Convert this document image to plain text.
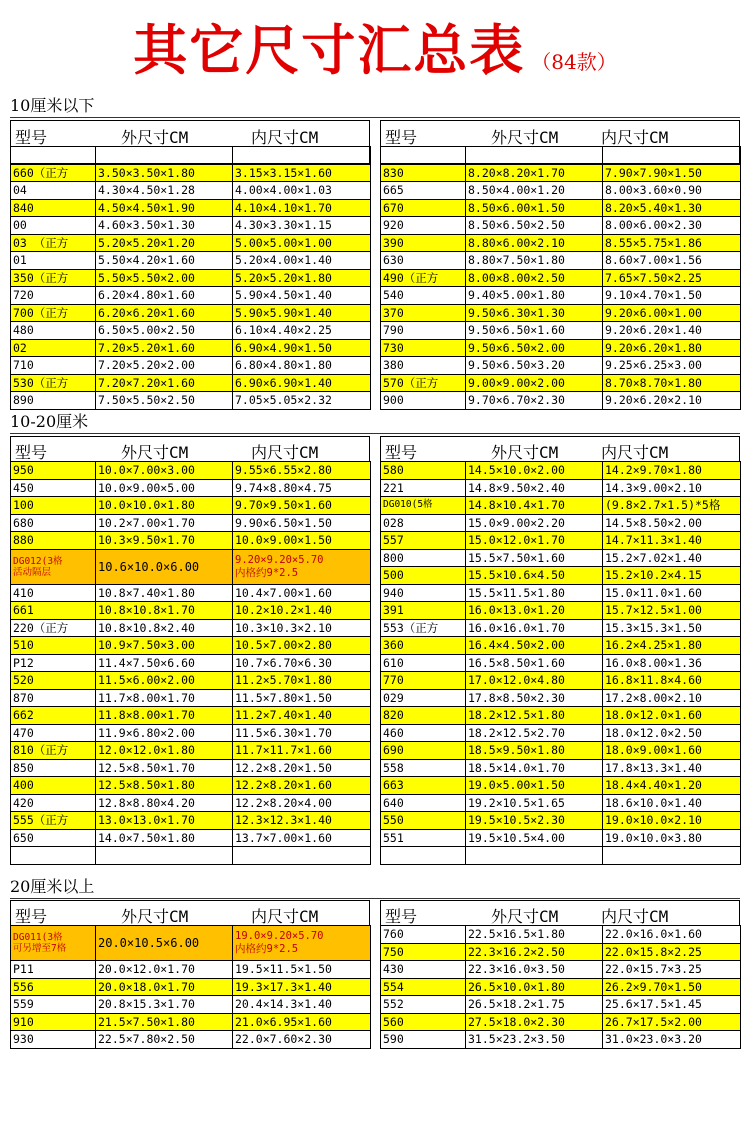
其它尺寸汇总表 （84款）
10厘米以下
型号	外尺寸CM	内尺寸CM	型号	外尺寸CM	内尺寸CM

660（正方	3.50×3.50×1.80	3.15×3.15×1.60
04	4.30×4.50×1.28	4.00×4.00×1.03
840	4.50×4.50×1.90	4.10×4.10×1.70
00	4.60×3.50×1.30	4.30×3.30×1.15
03 （正方	5.20×5.20×1.20	5.00×5.00×1.00
01	5.50×4.20×1.60	5.20×4.00×1.40
350（正方	5.50×5.50×2.00	5.20×5.20×1.80
720	6.20×4.80×1.60	5.90×4.50×1.40
700（正方	6.20×6.20×1.60	5.90×5.90×1.40
480	6.50×5.00×2.50	6.10×4.40×2.25
02	7.20×5.20×1.60	6.90×4.90×1.50
710	7.20×5.20×2.00	6.80×4.80×1.80
530（正方	7.20×7.20×1.60	6.90×6.90×1.40
890	7.50×5.50×2.50	7.05×5.05×2.32

830	8.20×8.20×1.70	7.90×7.90×1.50
665	8.50×4.00×1.20	8.00×3.60×0.90
670	8.50×6.00×1.50	8.20×5.40×1.30
920	8.50×6.50×2.50	8.00×6.00×2.30
390	8.80×6.00×2.10	8.55×5.75×1.86
630	8.80×7.50×1.80	8.60×7.00×1.56
490（正方	8.00×8.00×2.50	7.65×7.50×2.25
540	9.40×5.00×1.80	9.10×4.70×1.50
370	9.50×6.30×1.30	9.20×6.00×1.00
790	9.50×6.50×1.60	9.20×6.20×1.40
730	9.50×6.50×2.00	9.20×6.20×1.80
380	9.50×6.50×3.20	9.25×6.25×3.00
570（正方	9.00×9.00×2.00	8.70×8.70×1.80
900	9.70×6.70×2.30	9.20×6.20×2.10
10-20厘米
型号	外尺寸CM	内尺寸CM	型号	外尺寸CM	内尺寸CM
950	10.0×7.00×3.00	9.55×6.55×2.80
450	10.0×9.00×5.00	9.74×8.80×4.75
100	10.0×10.0×1.80	9.70×9.50×1.60
680	10.2×7.00×1.70	9.90×6.50×1.50
880	10.3×9.50×1.70	10.0×9.00×1.50
DG012(3格
活动隔层	10.6×10.0×6.00	9.20×9.20×5.70
内格约9*2.5
410	10.8×7.40×1.80	10.4×7.00×1.60
661	10.8×10.8×1.70	10.2×10.2×1.40
220（正方	10.8×10.8×2.40	10.3×10.3×2.10
510	10.9×7.50×3.00	10.5×7.00×2.80
P12	11.4×7.50×6.60	10.7×6.70×6.30
520	11.5×6.00×2.00	11.2×5.70×1.80
870	11.7×8.00×1.70	11.5×7.80×1.50
662	11.8×8.00×1.70	11.2×7.40×1.40
470	11.9×6.80×2.00	11.5×6.30×1.70
810（正方	12.0×12.0×1.80	11.7×11.7×1.60
850	12.5×8.50×1.70	12.2×8.20×1.50
400	12.5×8.50×1.80	12.2×8.20×1.60
420	12.8×8.80×4.20	12.2×8.20×4.00
555（正方	13.0×13.0×1.70	12.3×12.3×1.40
650	14.0×7.50×1.80	13.7×7.00×1.60

580	14.5×10.0×2.00	14.2×9.70×1.80
221	14.8×9.50×2.40	14.3×9.00×2.10
DG010(5格	14.8×10.4×1.70	(9.8×2.7×1.5)*5格
028	15.0×9.00×2.20	14.5×8.50×2.00
557	15.0×12.0×1.70	14.7×11.3×1.40
800	15.5×7.50×1.60	15.2×7.02×1.40
500	15.5×10.6×4.50	15.2×10.2×4.15
940	15.5×11.5×1.80	15.0×11.0×1.60
391	16.0×13.0×1.20	15.7×12.5×1.00
553（正方	16.0×16.0×1.70	15.3×15.3×1.50
360	16.4×4.50×2.00	16.2×4.25×1.80
610	16.5×8.50×1.60	16.0×8.00×1.36
770	17.0×12.0×4.80	16.8×11.8×4.60
029	17.8×8.50×2.30	17.2×8.00×2.10
820	18.2×12.5×1.80	18.0×12.0×1.60
460	18.2×12.5×2.70	18.0×12.0×2.50
690	18.5×9.50×1.80	18.0×9.00×1.60
558	18.5×14.0×1.70	17.8×13.3×1.40
663	19.0×5.00×1.50	18.4×4.40×1.20
640	19.2×10.5×1.65	18.6×10.0×1.40
550	19.5×10.5×2.30	19.0×10.0×2.10
551	19.5×10.5×4.00	19.0×10.0×3.80

20厘米以上
型号	外尺寸CM	内尺寸CM	型号	外尺寸CM	内尺寸CM
DG011(3格
可另增至7格	20.0×10.5×6.00	19.0×9.20×5.70
内格约9*2.5
P11	20.0×12.0×1.70	19.5×11.5×1.50
556	20.0×18.0×1.70	19.3×17.3×1.40
559	20.8×15.3×1.70	20.4×14.3×1.40
910	21.5×7.50×1.80	21.0×6.95×1.60
930	22.5×7.80×2.50	22.0×7.60×2.30
760	22.5×16.5×1.80	22.0×16.0×1.60
750	22.3×16.2×2.50	22.0×15.8×2.25
430	22.3×16.0×3.50	22.0×15.7×3.25
554	26.5×10.0×1.80	26.2×9.70×1.50
552	26.5×18.2×1.75	25.6×17.5×1.45
560	27.5×18.0×2.30	26.7×17.5×2.00
590	31.5×23.2×3.50	31.0×23.0×3.20
